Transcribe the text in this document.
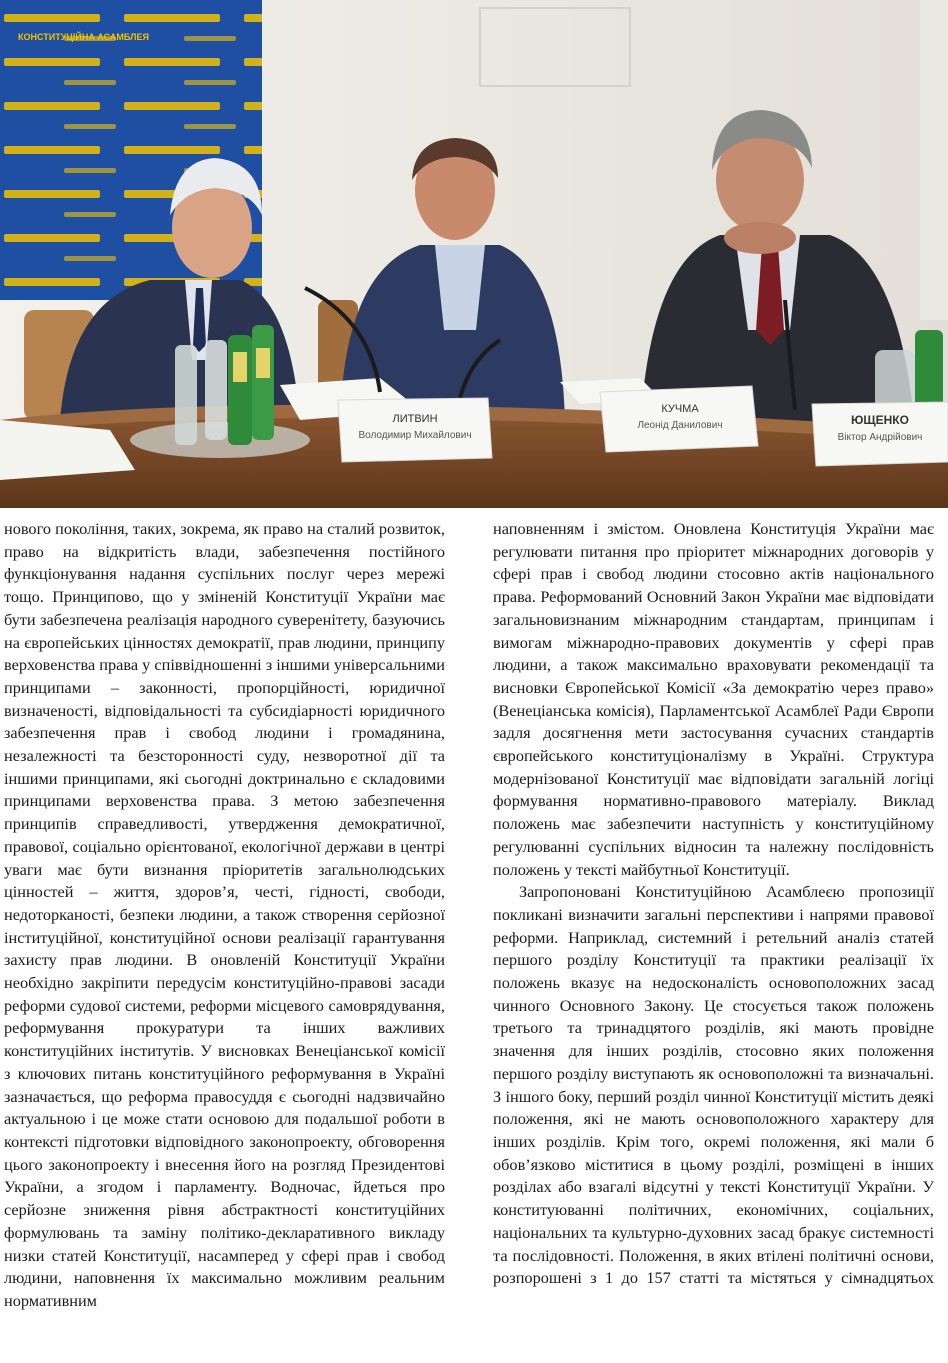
КОНСТИТУЦІЙНА АСАМБЛЕЯ
ЛИТВИН
Володимир Михайлович
КУЧМА
Леонід Данилович	ЮЩЕНКО
Віктор Андрійович

нового покоління, таких, зокрема, як право на сталий розвиток, право на відкритість влади, забезпечення постійного функціонування надання суспільних послуг через мережі тощо. Принципово, що у зміненій Конституції України має бути забезпечена реалізація народного суверенітету, базуючись на європейських цінностях демократії, прав людини, принципу верховенства права у співвідношенні з іншими універсальними принципами – законності, пропорційності, юридичної визначеності, відповідальності та субсидіарності юридичного забезпечення прав і свобод людини і громадянина, незалежності та безсторонності суду, незворотної дії та іншими принципами, які сьогодні доктринально є складовими принципами верховенства права. З метою забезпечення принципів справедливості, утвердження демократичної, правової, соціально орієнтованої, екологічної держави в центрі уваги має бути визнання пріоритетів загальнолюдських цінностей – життя, здоров’я, честі, гідності, свободи, недоторканості, безпеки людини, а також створення серйозної інституційної, конституційної основи реалізації гарантування захисту прав людини. В оновленій Конституції України необхідно закріпити передусім конституційно-правові засади реформи судової системи, реформи місцевого самоврядування, реформування прокуратури та інших важливих конституційних інститутів. У висновках Венеціанської комісії з ключових питань конституційного реформування в Україні зазначається, що реформа правосуддя є сьогодні надзвичайно актуальною і це може стати основою для подальшої роботи в контексті підготовки відповідного законопроекту, обговорення цього законопроекту і внесення його на розгляд Президентові України, а згодом і парламенту. Водночас, йдеться про серйозне зниження рівня абстрактності конституційних формулювань та заміну політико-декларативного викладу низки статей Конституції, насамперед у сфері прав і свобод людини, наповнення їх максимально можливим реальним нормативним

наповненням і змістом. Оновлена Конституція України має регулювати питання про пріоритет міжнародних договорів у сфері прав і свобод людини стосовно актів національного права. Реформований Основний Закон України має відповідати загальновизнаним міжнародним стандартам, принципам і вимогам міжнародно-правових документів у сфері прав людини, а також максимально враховувати рекомендації та висновки Європейської Комісії «За демократію через право» (Венеціанська комісія), Парламентської Асамблеї Ради Європи задля досягнення мети застосування сучасних стандартів європейського конституціоналізму в Україні. Структура модернізованої Конституції має відповідати загальній логіці формування нормативно-правового матеріалу. Виклад положень має забезпечити наступність у конституційному регулюванні суспільних відносин та належну послідовність положень у тексті майбутньої Конституції.

Запропоновані Конституційною Асамблеєю пропозиції покликані визначити загальні перспективи і напрями правової реформи. Наприклад, системний і ретельний аналіз статей першого розділу Конституції та практики реалізації їх положень вказує на недосконалість основоположних засад чинного Основного Закону. Це стосується також положень третього та тринадцятого розділів, які мають провідне значення для інших розділів, стосовно яких положення першого розділу виступають як основоположні та визначальні. З іншого боку, перший розділ чинної Конституції містить деякі положення, які не мають основоположного характеру для інших розділів. Крім того, окремі положення, які мали б обов’язково міститися в цьому розділі, розміщені в інших розділах або взагалі відсутні у тексті Конституції України. У конституюванні політичних, економічних, соціальних, національних та культурно-духовних засад бракує системності та послідовності. Положення, в яких втілені політичні основи, розпорошені з 1 до 157 статті та містяться у сімнадцятьох
